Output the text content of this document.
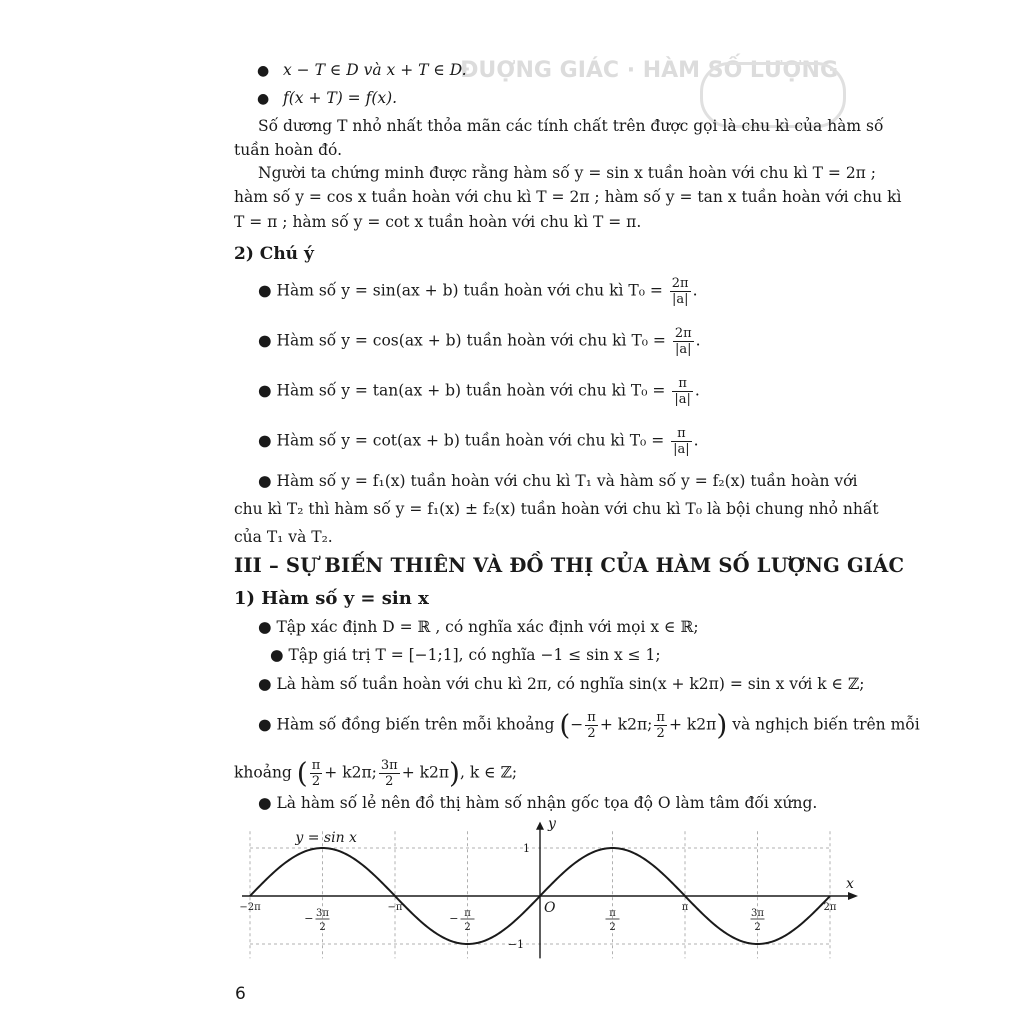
ĐUỢNG GIÁC · HÀM SỐ LƯỢNG
● x − T ∈ D và x + T ∈ D.
● f(x + T) = f(x).
Số dương T nhỏ nhất thỏa mãn các tính chất trên được gọi là chu kì của hàm số
tuần hoàn đó.
Người ta chứng minh được rằng hàm số y = sin x tuần hoàn với chu kì T = 2π ;
hàm số y = cos x tuần hoàn với chu kì T = 2π ; hàm số y = tan x tuần hoàn với chu kì
T = π ; hàm số y = cot x tuần hoàn với chu kì T = π.
2) Chú ý
● Hàm số y = sin(ax + b) tuần hoàn với chu kì $T_0 = \frac{2\pi}{|a|}$ .
● Hàm số y = cos(ax + b) tuần hoàn với chu kì $T_0 = \frac{2\pi}{|a|}$ .
● Hàm số y = tan(ax + b) tuần hoàn với chu kì $T_0 = \frac{\pi}{|a|}$ .
● Hàm số y = cot(ax + b) tuần hoàn với chu kì $T_0 = \frac{\pi}{|a|}$ .
● Hàm số y = f₁(x) tuần hoàn với chu kì T₁ và hàm số y = f₂(x) tuần hoàn với
chu kì T₂ thì hàm số y = f₁(x) ± f₂(x) tuần hoàn với chu kì T₀ là bội chung nhỏ nhất
của T₁ và T₂.
III – SỰ BIẾN THIÊN VÀ ĐỒ THỊ CỦA HÀM SỐ LƯỢNG GIÁC
1) Hàm số y = sin x
● Tập xác định D = ℝ , có nghĩa xác định với mọi x ∈ ℝ;
● Tập giá trị T = [−1;1], có nghĩa −1 ≤ sin x ≤ 1;
● Là hàm số tuần hoàn với chu kì 2π, có nghĩa sin(x + k2π) = sin x với k ∈ ℤ;
● Hàm số đồng biến trên mỗi khoảng (− $\frac{\pi}{2} + k2\pi$; $\frac{\pi}{2} + k2\pi$) và nghịch biến trên mỗi
khoảng ( $\frac{\pi}{2} + k2\pi$; $\frac{3\pi}{2} + k2\pi$), k ∈ ℤ;
● Là hàm số lẻ nên đồ thị hàm số nhận gốc tọa độ O làm tâm đối xứng.
y = sin x
x
y
O
1
−1
−2π
− 3π
2
−π
− π
2
π
2
π
3π
2
2π
6
